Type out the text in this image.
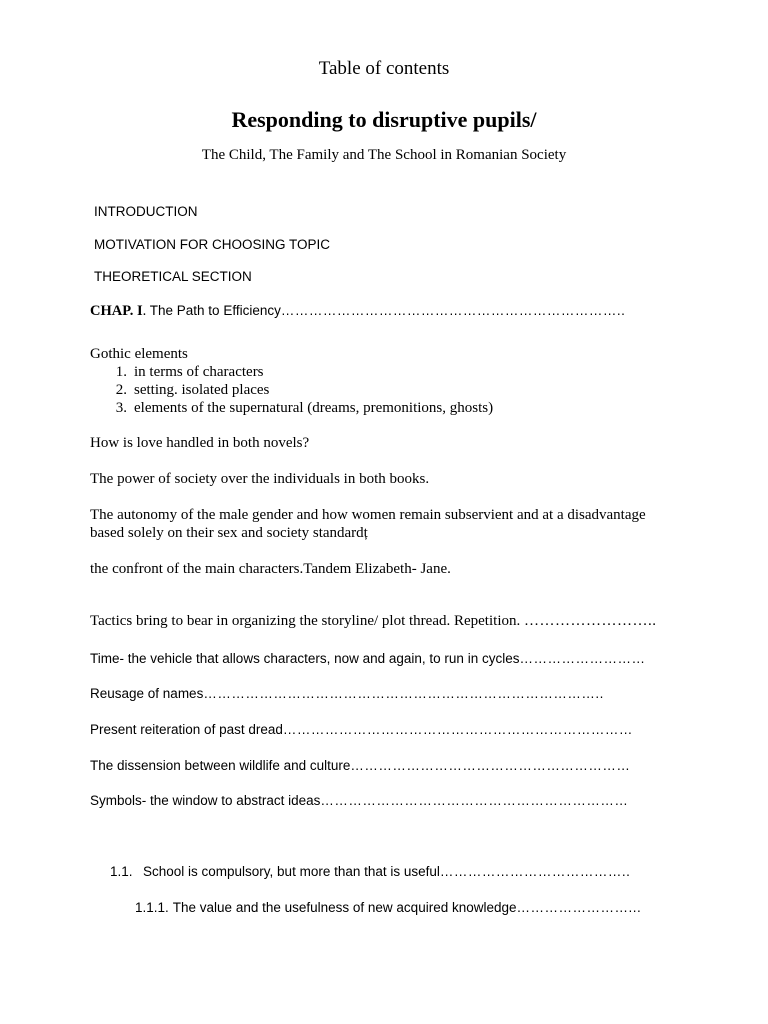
Table of contents
Responding to disruptive pupils/
The Child, The Family and The School in Romanian Society
INTRODUCTION
MOTIVATION FOR CHOOSING TOPIC
THEORETICAL SECTION
CHAP. I. The Path to Efficiency………………………………………………………………..
Gothic elements
1. in terms of characters
2. setting. isolated places
3. elements of the supernatural (dreams, premonitions, ghosts)
How is love handled in both novels?
The power of society over the individuals in both books.
The autonomy of the male gender and how women remain subservient and at a disadvantage
based solely on their sex and society standardț
the confront of the main characters.Tandem Elizabeth- Jane.
Tactics bring to bear in organizing the storyline/ plot thread. Repetition. ……………………..
Time- the vehicle that allows characters, now and again, to run in cycles………………………
Reusage of names…………………………………………………………………………..
Present reiteration of past dread…………………………………………………………………
The dissension between wildlife and culture……………………………………………………
Symbols- the window to abstract ideas…………………………………………………………
1.1. School is compulsory, but more than that is useful…………………………………..
1.1.1. The value and the usefulness of new acquired knowledge……………………...
